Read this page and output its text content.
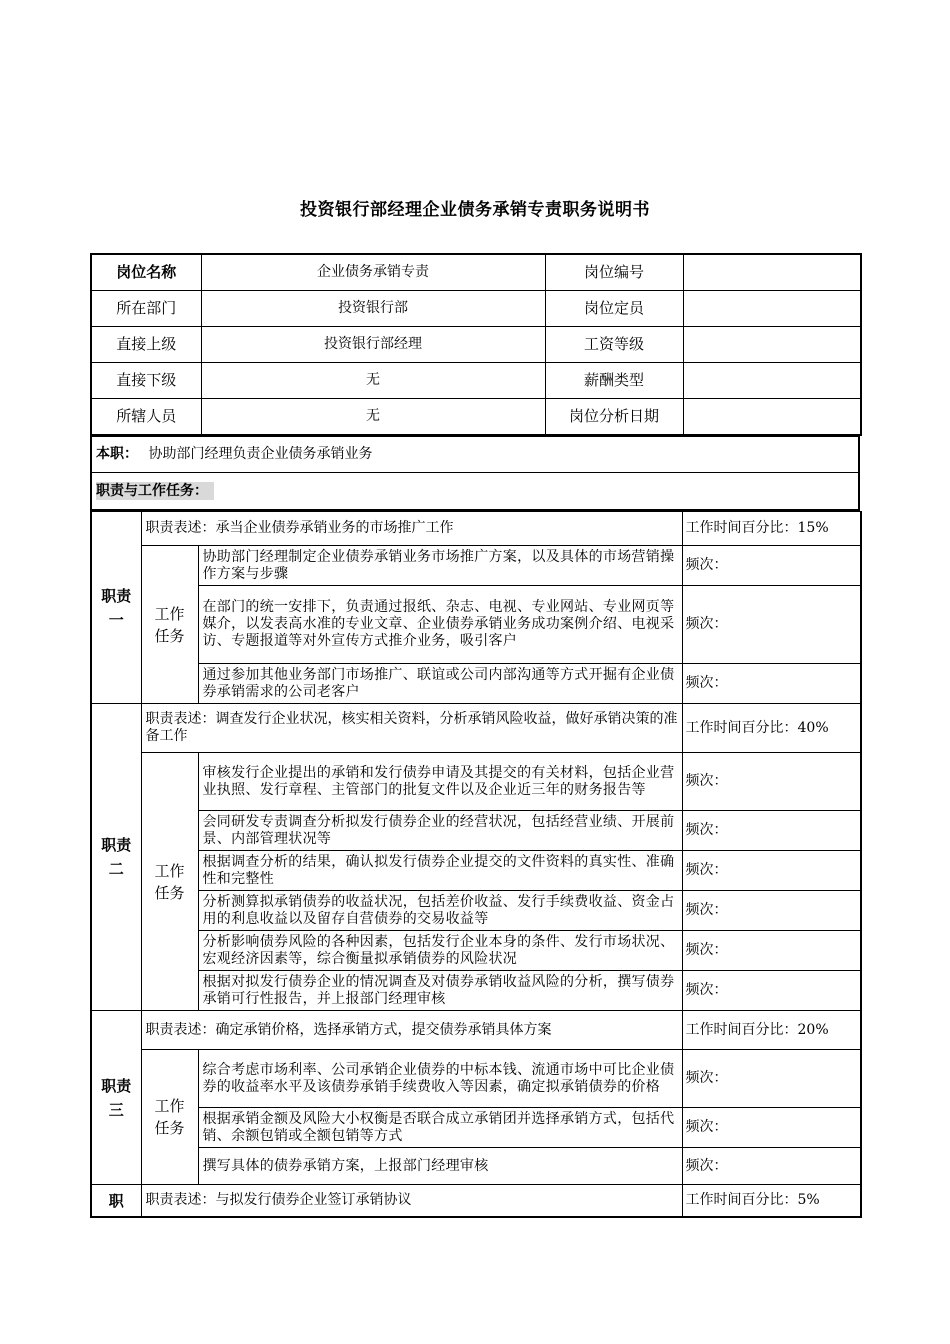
投资银行部经理企业债务承销专责职务说明书
岗位名称	企业债务承销专责	岗位编号	
所在部门	投资银行部	岗位定员	
直接上级	投资银行部经理	工资等级	
直接下级	无	薪酬类型	
所辖人员	无	岗位分析日期	
本职： 协助部门经理负责企业债务承销业务
职责与工作任务：
职责一	职责表述：承当企业债券承销业务的市场推广工作		工作时间百分比：15%
	工作任务	协助部门经理制定企业债券承销业务市场推广方案，以及具体的市场营销操作方案与步骤	频次：
		在部门的统一安排下，负责通过报纸、杂志、电视、专业网站、专业网页等媒介，以发表高水准的专业文章、企业债券承销业务成功案例介绍、电视采访、专题报道等对外宣传方式推介业务，吸引客户	频次：
		通过参加其他业务部门市场推广、联谊或公司内部沟通等方式开掘有企业债券承销需求的公司老客户	频次：
职责二	职责表述：调查发行企业状况，核实相关资料，分析承销风险收益，做好承销决策的准备工作		工作时间百分比：40%
	工作任务	审核发行企业提出的承销和发行债券申请及其提交的有关材料，包括企业营业执照、发行章程、主管部门的批复文件以及企业近三年的财务报告等	频次：
		会同研发专责调查分析拟发行债券企业的经营状况，包括经营业绩、开展前景、内部管理状况等	频次：
		根据调查分析的结果，确认拟发行债券企业提交的文件资料的真实性、准确性和完整性	频次：
		分析测算拟承销债券的收益状况，包括差价收益、发行手续费收益、资金占用的利息收益以及留存自营债券的交易收益等	频次：
		分析影响债券风险的各种因素，包括发行企业本身的条件、发行市场状况、宏观经济因素等，综合衡量拟承销债券的风险状况	频次：
		根据对拟发行债券企业的情况调查及对债券承销收益风险的分析，撰写债券承销可行性报告，并上报部门经理审核	频次：
职责三	职责表述：确定承销价格，选择承销方式，提交债券承销具体方案		工作时间百分比：20%
	工作任务	综合考虑市场利率、公司承销企业债券的中标本钱、流通市场中可比企业债券的收益率水平及该债券承销手续费收入等因素，确定拟承销债券的价格	频次：
		根据承销金额及风险大小权衡是否联合成立承销团并选择承销方式，包括代销、余额包销或全额包销等方式	频次：
		撰写具体的债券承销方案，上报部门经理审核	频次：
职	职责表述：与拟发行债券企业签订承销协议		工作时间百分比：5%
